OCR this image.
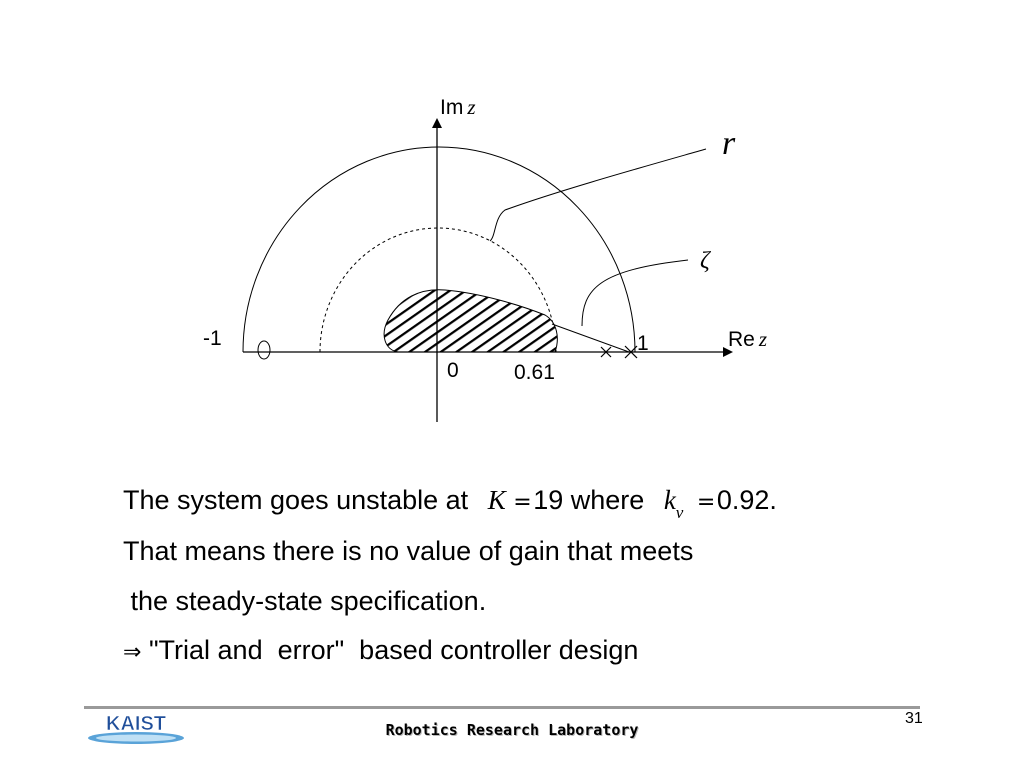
Im z
Re z
-1	1
0	0.61
r
ζ
The system goes unstable at K = 19 where $k_v = 0.92$.
That means there is no value of gain that meets
the steady-state specification.
⇒ "Trial and  error"  based controller design
KAIST	Robotics Research Laboratory
31
